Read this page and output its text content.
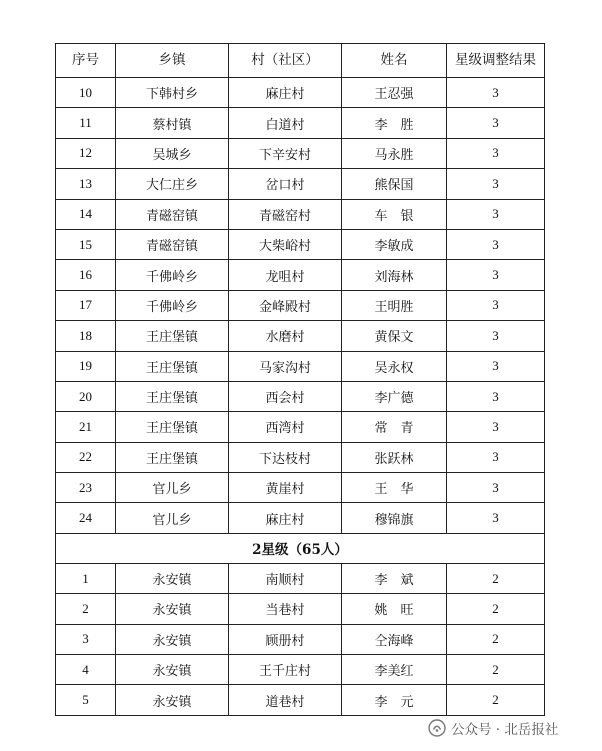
序号	乡镇	村（社区）	姓名	星级调整结果
10	下韩村乡	麻庄村	王忍强	3
11	蔡村镇	白道村	李　胜	3
12	吴城乡	下辛安村	马永胜	3
13	大仁庄乡	岔口村	熊保国	3
14	青磁窑镇	青磁窑村	车　银	3
15	青磁窑镇	大柴峪村	李敏成	3
16	千佛岭乡	龙咀村	刘海林	3
17	千佛岭乡	金峰殿村	王明胜	3
18	王庄堡镇	水磨村	黄保文	3
19	王庄堡镇	马家沟村	吴永权	3
20	王庄堡镇	西会村	李广德	3
21	王庄堡镇	西湾村	常　青	3
22	王庄堡镇	下达枝村	张跃林	3
23	官儿乡	黄崖村	王　华	3
24	官儿乡	麻庄村	穆锦旗	3
2星级（65人）				
1	永安镇	南顺村	李　斌	2
2	永安镇	当巷村	姚　旺	2
3	永安镇	顾册村	仝海峰	2
4	永安镇	王千庄村	李美红	2
5	永安镇	道巷村	李　元	2
公众号 · 北岳报社
